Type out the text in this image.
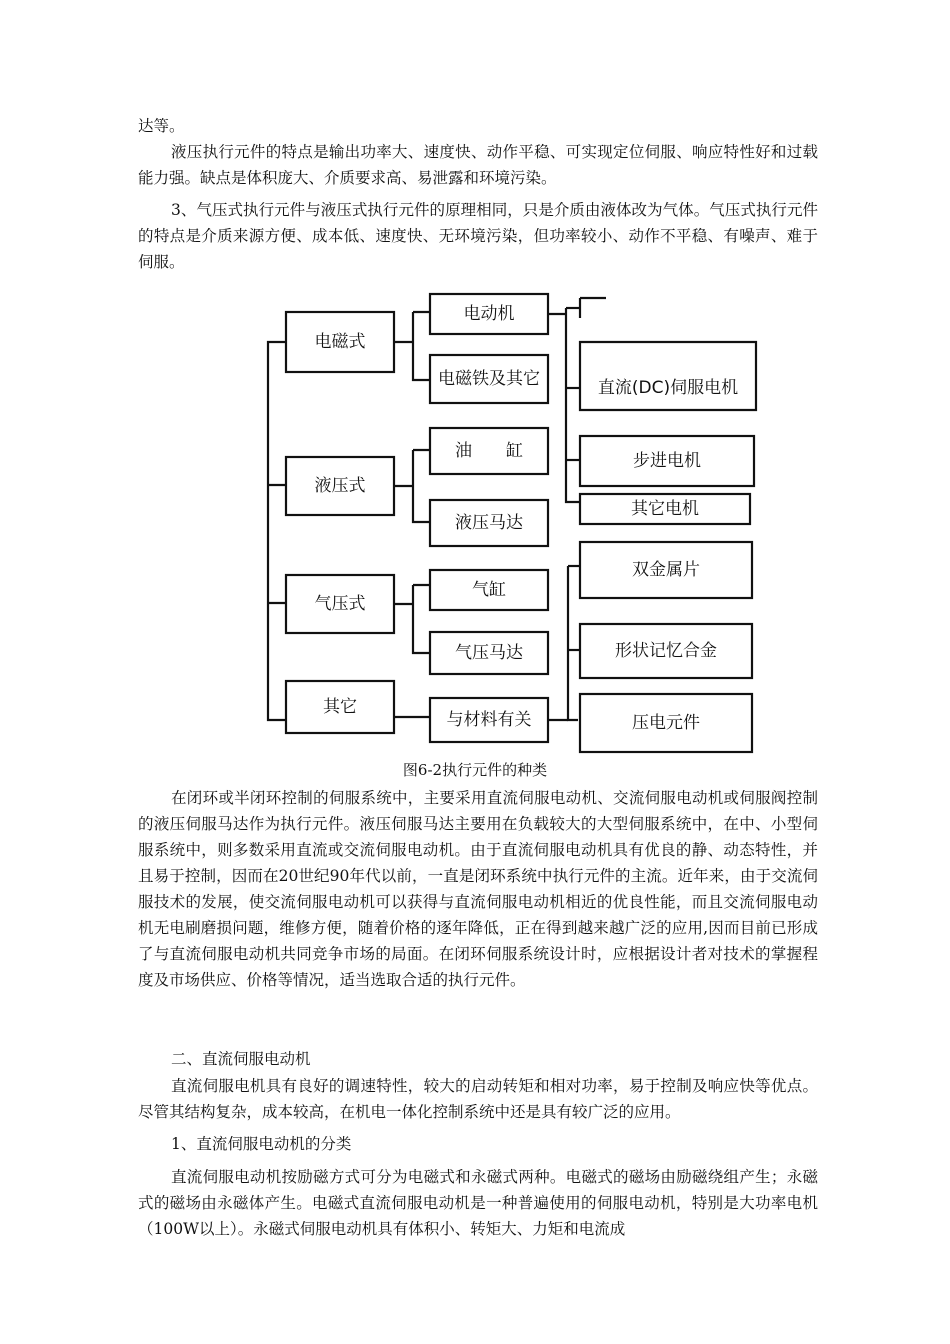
达等。

液压执行元件的特点是输出功率大、速度快、动作平稳、可实现定位伺服、响应特性好和过载能力强。缺点是体积庞大、介质要求高、易泄露和环境污染。

3、气压式执行元件与液压式执行元件的原理相同，只是介质由液体改为气体。气压式执行元件的特点是介质来源方便、成本低、速度快、无环境污染，但功率较小、动作不平稳、有噪声、难于伺服。

电磁式
液压式
气压式
其它
电动机
电磁铁及其它
油　　缸
液压马达
气缸
气压马达
与材料有关
直流(DC)伺服电机
步进电机
其它电机
双金属片
形状记忆合金
压电元件

图6-2执行元件的种类

在闭环或半闭环控制的伺服系统中，主要采用直流伺服电动机、交流伺服电动机或伺服阀控制的液压伺服马达作为执行元件。液压伺服马达主要用在负载较大的大型伺服系统中，在中、小型伺服系统中，则多数采用直流或交流伺服电动机。由于直流伺服电动机具有优良的静、动态特性，并且易于控制，因而在20世纪90年代以前，一直是闭环系统中执行元件的主流。近年来，由于交流伺服技术的发展，使交流伺服电动机可以获得与直流伺服电动机相近的优良性能，而且交流伺服电动机无电刷磨损问题，维修方便，随着价格的逐年降低，正在得到越来越广泛的应用,因而目前已形成了与直流伺服电动机共同竞争市场的局面。在闭环伺服系统设计时，应根据设计者对技术的掌握程度及市场供应、价格等情况，适当选取合适的执行元件。

二、直流伺服电动机

直流伺服电机具有良好的调速特性，较大的启动转矩和相对功率，易于控制及响应快等优点。尽管其结构复杂，成本较高，在机电一体化控制系统中还是具有较广泛的应用。

1、直流伺服电动机的分类

直流伺服电动机按励磁方式可分为电磁式和永磁式两种。电磁式的磁场由励磁绕组产生；永磁式的磁场由永磁体产生。电磁式直流伺服电动机是一种普遍使用的伺服电动机，特别是大功率电机（100W以上）。永磁式伺服电动机具有体积小、转矩大、力矩和电流成
